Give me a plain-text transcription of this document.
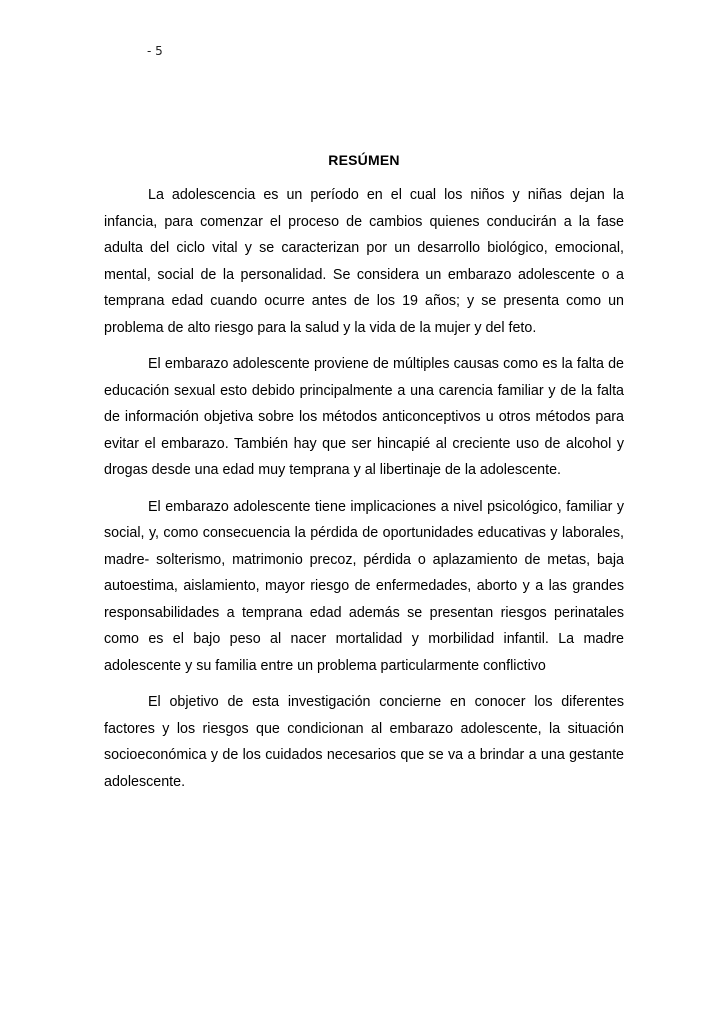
- 5
RESÚMEN

La adolescencia es un período en el cual los niños y niñas dejan la infancia, para comenzar el proceso de cambios quienes conducirán a la fase adulta del ciclo vital y se caracterizan por un desarrollo biológico, emocional, mental, social de la personalidad. Se considera un embarazo adolescente o a temprana edad cuando ocurre antes de los 19 años; y se presenta como un problema de alto riesgo para la salud y la vida de la mujer y del feto.

El embarazo adolescente proviene de múltiples causas como es la falta de educación sexual esto debido principalmente a una carencia familiar y de la falta de información objetiva sobre los métodos anticonceptivos u otros métodos para evitar el embarazo. También hay que ser hincapié al creciente uso de alcohol y drogas desde una edad muy temprana y al libertinaje de la adolescente.

El embarazo adolescente tiene implicaciones a nivel psicológico, familiar y social, y, como consecuencia la pérdida de oportunidades educativas y laborales, madre- solterismo, matrimonio precoz, pérdida o aplazamiento de metas, baja autoestima, aislamiento, mayor riesgo de enfermedades, aborto y a las grandes responsabilidades a temprana edad además se presentan riesgos perinatales como es el bajo peso al nacer mortalidad y morbilidad infantil. La madre adolescente y su familia entre un problema particularmente conflictivo

El objetivo de esta investigación concierne en conocer los diferentes factores y los riesgos que condicionan al embarazo adolescente, la situación socioeconómica y de los cuidados necesarios que se va a brindar a una gestante adolescente.
